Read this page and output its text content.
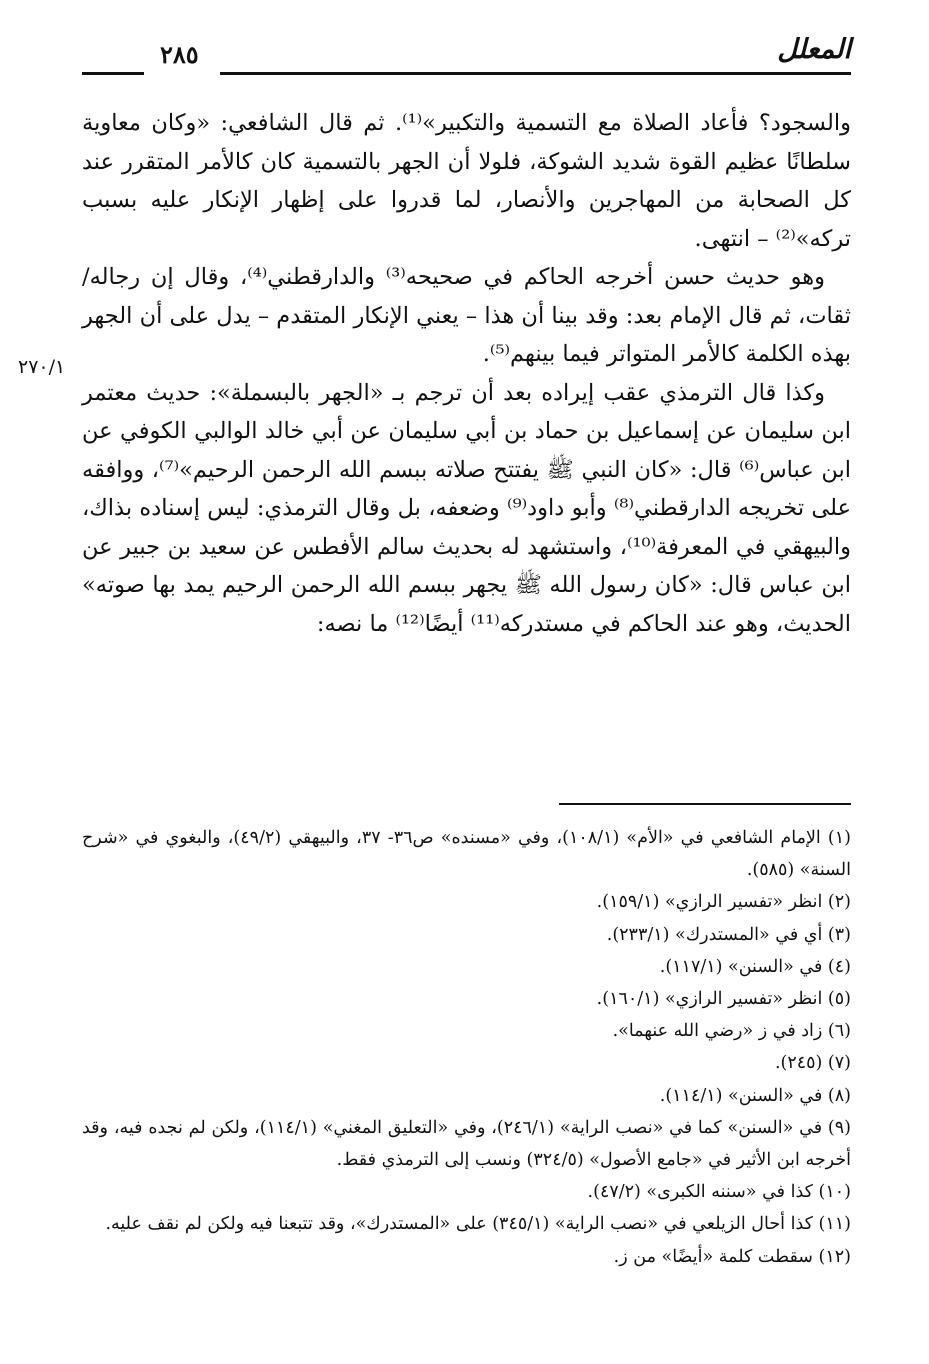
المعلل
٢٨٥
٢٧٠/١

والسجود؟ فأعاد الصلاة مع التسمية والتكبير»⁽¹⁾. ثم قال الشافعي: «وكان معاوية سلطانًا عظيم القوة شديد الشوكة، فلولا أن الجهر بالتسمية كان كالأمر المتقرر عند كل الصحابة من المهاجرين والأنصار، لما قدروا على إظهار الإنكار عليه بسبب تركه»⁽²⁾ – انتهى.

وهو حديث حسن أخرجه الحاكم في صحيحه⁽³⁾ والدارقطني⁽⁴⁾، وقال إن رجاله/ ثقات، ثم قال الإمام بعد: وقد بينا أن هذا – يعني الإنكار المتقدم – يدل على أن الجهر بهذه الكلمة كالأمر المتواتر فيما بينهم⁽⁵⁾.

وكذا قال الترمذي عقب إيراده بعد أن ترجم بـ «الجهر بالبسملة»: حديث معتمر ابن سليمان عن إسماعيل بن حماد بن أبي سليمان عن أبي خالد الوالبي الكوفي عن ابن عباس⁽⁶⁾ قال: «كان النبي ﷺ يفتتح صلاته ببسم الله الرحمن الرحيم»⁽⁷⁾، ووافقه على تخريجه الدارقطني⁽⁸⁾ وأبو داود⁽⁹⁾ وضعفه، بل وقال الترمذي: ليس إسناده بذاك، والبيهقي في المعرفة⁽¹⁰⁾، واستشهد له بحديث سالم الأفطس عن سعيد بن جبير عن ابن عباس قال: «كان رسول الله ﷺ يجهر ببسم الله الرحمن الرحيم يمد بها صوته» الحديث، وهو عند الحاكم في مستدركه⁽¹¹⁾ أيضًا⁽¹²⁾ ما نصه:

(١) الإمام الشافعي في «الأم» (١٠٨/١)، وفي «مسنده» ص٣٦- ٣٧، والبيهقي (٤٩/٢)، والبغوي في «شرح السنة» (٥٨٥).

(٢) انظر «تفسير الرازي» (١٥٩/١).

(٣) أي في «المستدرك» (٢٣٣/١).

(٤) في «السنن» (١١٧/١).

(٥) انظر «تفسير الرازي» (١٦٠/١).

(٦) زاد في ز «رضي الله عنهما».

(٧) (٢٤٥).

(٨) في «السنن» (١١٤/١).

(٩) في «السنن» كما في «نصب الراية» (٢٤٦/١)، وفي «التعليق المغني» (١١٤/١)، ولكن لم نجده فيه، وقد أخرجه ابن الأثير في «جامع الأصول» (٣٢٤/٥) ونسب إلى الترمذي فقط.

(١٠) كذا في «سننه الكبرى» (٤٧/٢).

(١١) كذا أحال الزيلعي في «نصب الراية» (٣٤٥/١) على «المستدرك»، وقد تتبعنا فيه ولكن لم نقف عليه.

(١٢) سقطت كلمة «أيضًا» من ز.
